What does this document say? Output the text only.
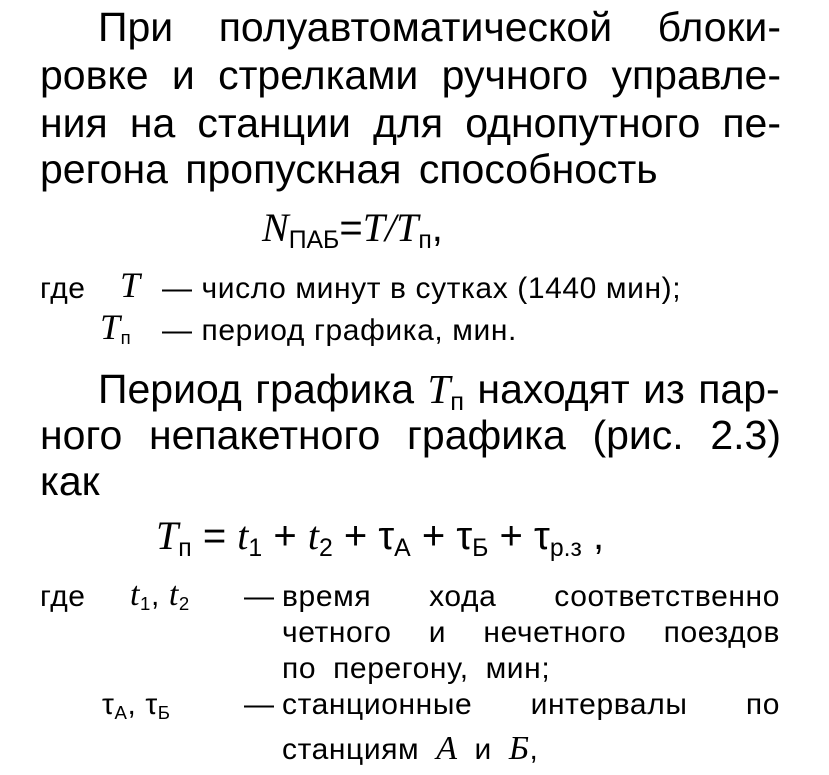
При полуавтоматической блоки-
ровке и стрелками ручного управле-
ния на станции для однопутного пе-
регона пропускная способность
NПАБ=T/Tп,
где T — число минут в сутках (1440 мин);
Tп — период графика, мин.
Период графика Tп находят из пар-
ного непакетного графика (рис. 2.3)
как
Tп = t1 + t2 + τА + τБ + τр.з ,
где t1, t2 — время хода соответственно
четного и нечетного поездов
по перегону, мин;
τА, τБ — станционные интервалы по
станциям А и Б,
